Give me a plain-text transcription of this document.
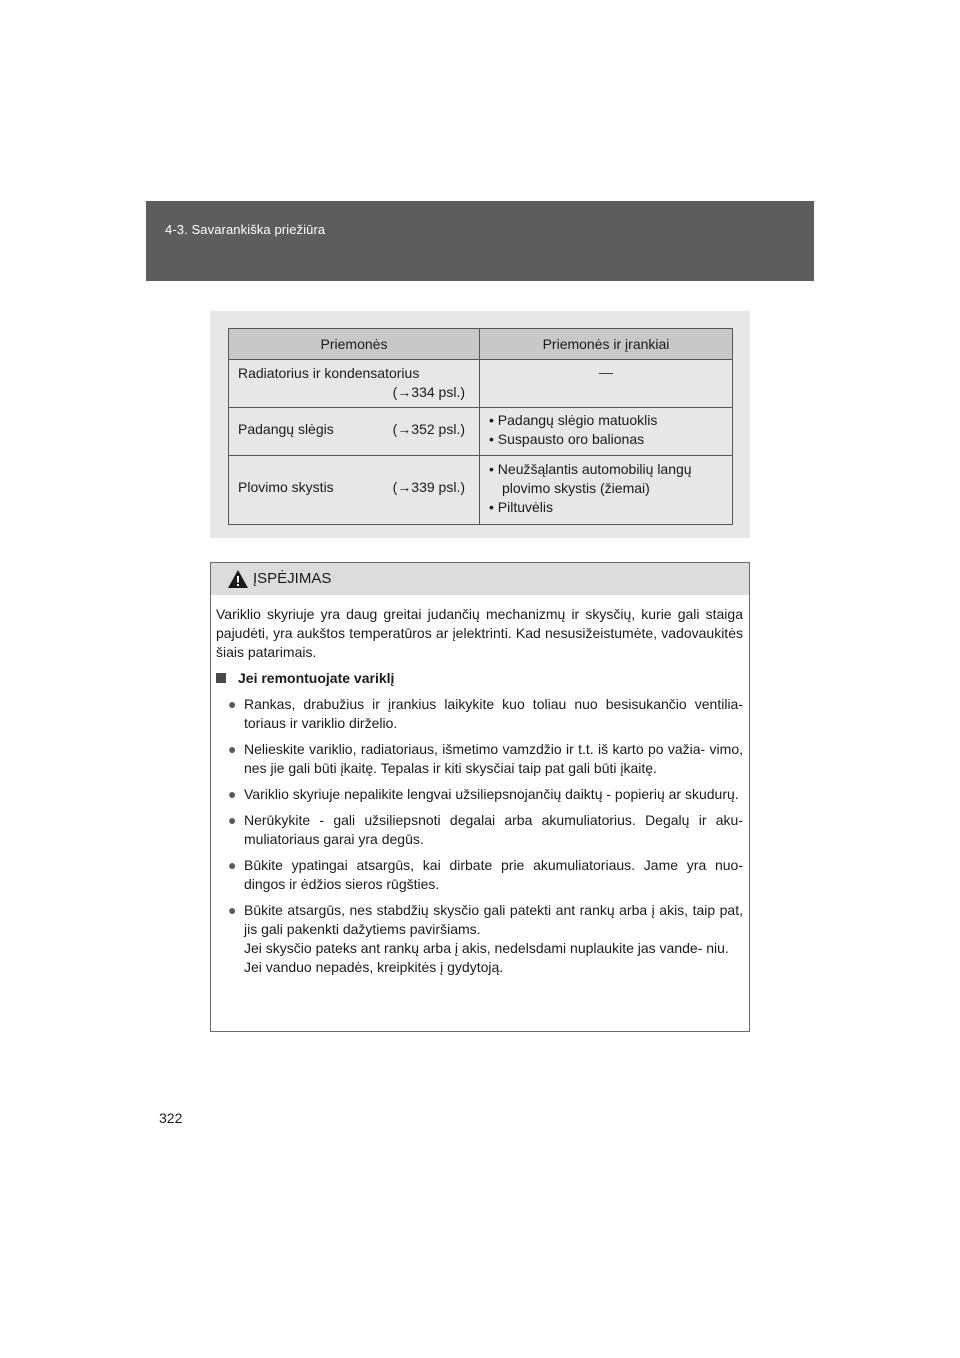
4-3. Savarankiška priežiūra
Priemonės	Priemonės ir įrankiai

Radiatorius ir kondensatorius
(→334 psl.)	—

Padangų slėgis (→352 psl.)	• Padangų slėgio matuoklis
• Suspausto oro balionas

Plovimo skystis (→339 psl.)	• Neužšąlantis automobilių langų
plovimo skystis (žiemai)
• Piltuvėlis
ĮSPĖJIMAS

Variklio skyriuje yra daug greitai judančių mechanizmų ir skysčių, kurie gali staiga pajudėti, yra aukštos temperatūros ar įelektrinti. Kad nesusižeistumėte, vadovaukitės šiais patarimais.

Jei remontuojate variklį

● Rankas, drabužius ir įrankius laikykite kuo toliau nuo besisukančio ventilia- toriaus ir variklio dirželio.

● Nelieskite variklio, radiatoriaus, išmetimo vamzdžio ir t.t. iš karto po važia- vimo, nes jie gali būti įkaitę. Tepalas ir kiti skysčiai taip pat gali būti įkaitę.

● Variklio skyriuje nepalikite lengvai užsiliepsnojančių daiktų - popierių ar skudurų.

● Nerūkykite - gali užsiliepsnoti degalai arba akumuliatorius. Degalų ir aku- muliatoriaus garai yra degūs.

● Būkite ypatingai atsargūs, kai dirbate prie akumuliatoriaus. Jame yra nuo- dingos ir ėdžios sieros rūgšties.

● Būkite atsargūs, nes stabdžių skysčio gali patekti ant rankų arba į akis, taip pat, jis gali pakenkti dažytiems paviršiams.
Jei skysčio pateks ant rankų arba į akis, nedelsdami nuplaukite jas vande- niu.
Jei vanduo nepadės, kreipkitės į gydytoją.

322
